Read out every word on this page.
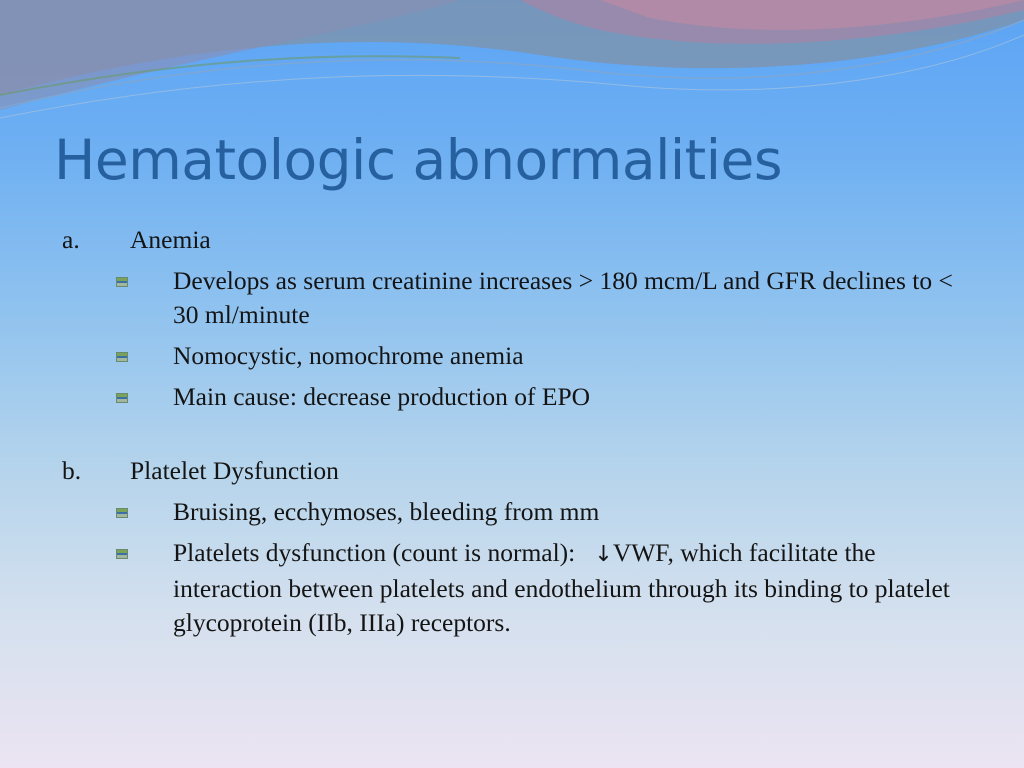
Hematologic abnormalities
a.	Anemia
Develops as serum creatinine increases > 180 mcm/L and GFR declines to < 30 ml/minute
Nomocystic, nomochrome anemia
Main cause: decrease production of EPO
b.	Platelet Dysfunction
Bruising, ecchymoses, bleeding from mm
Platelets dysfunction (count is normal):   ↓VWF, which facilitate the interaction between platelets and endothelium through its binding to platelet glycoprotein (IIb, IIIa) receptors.
